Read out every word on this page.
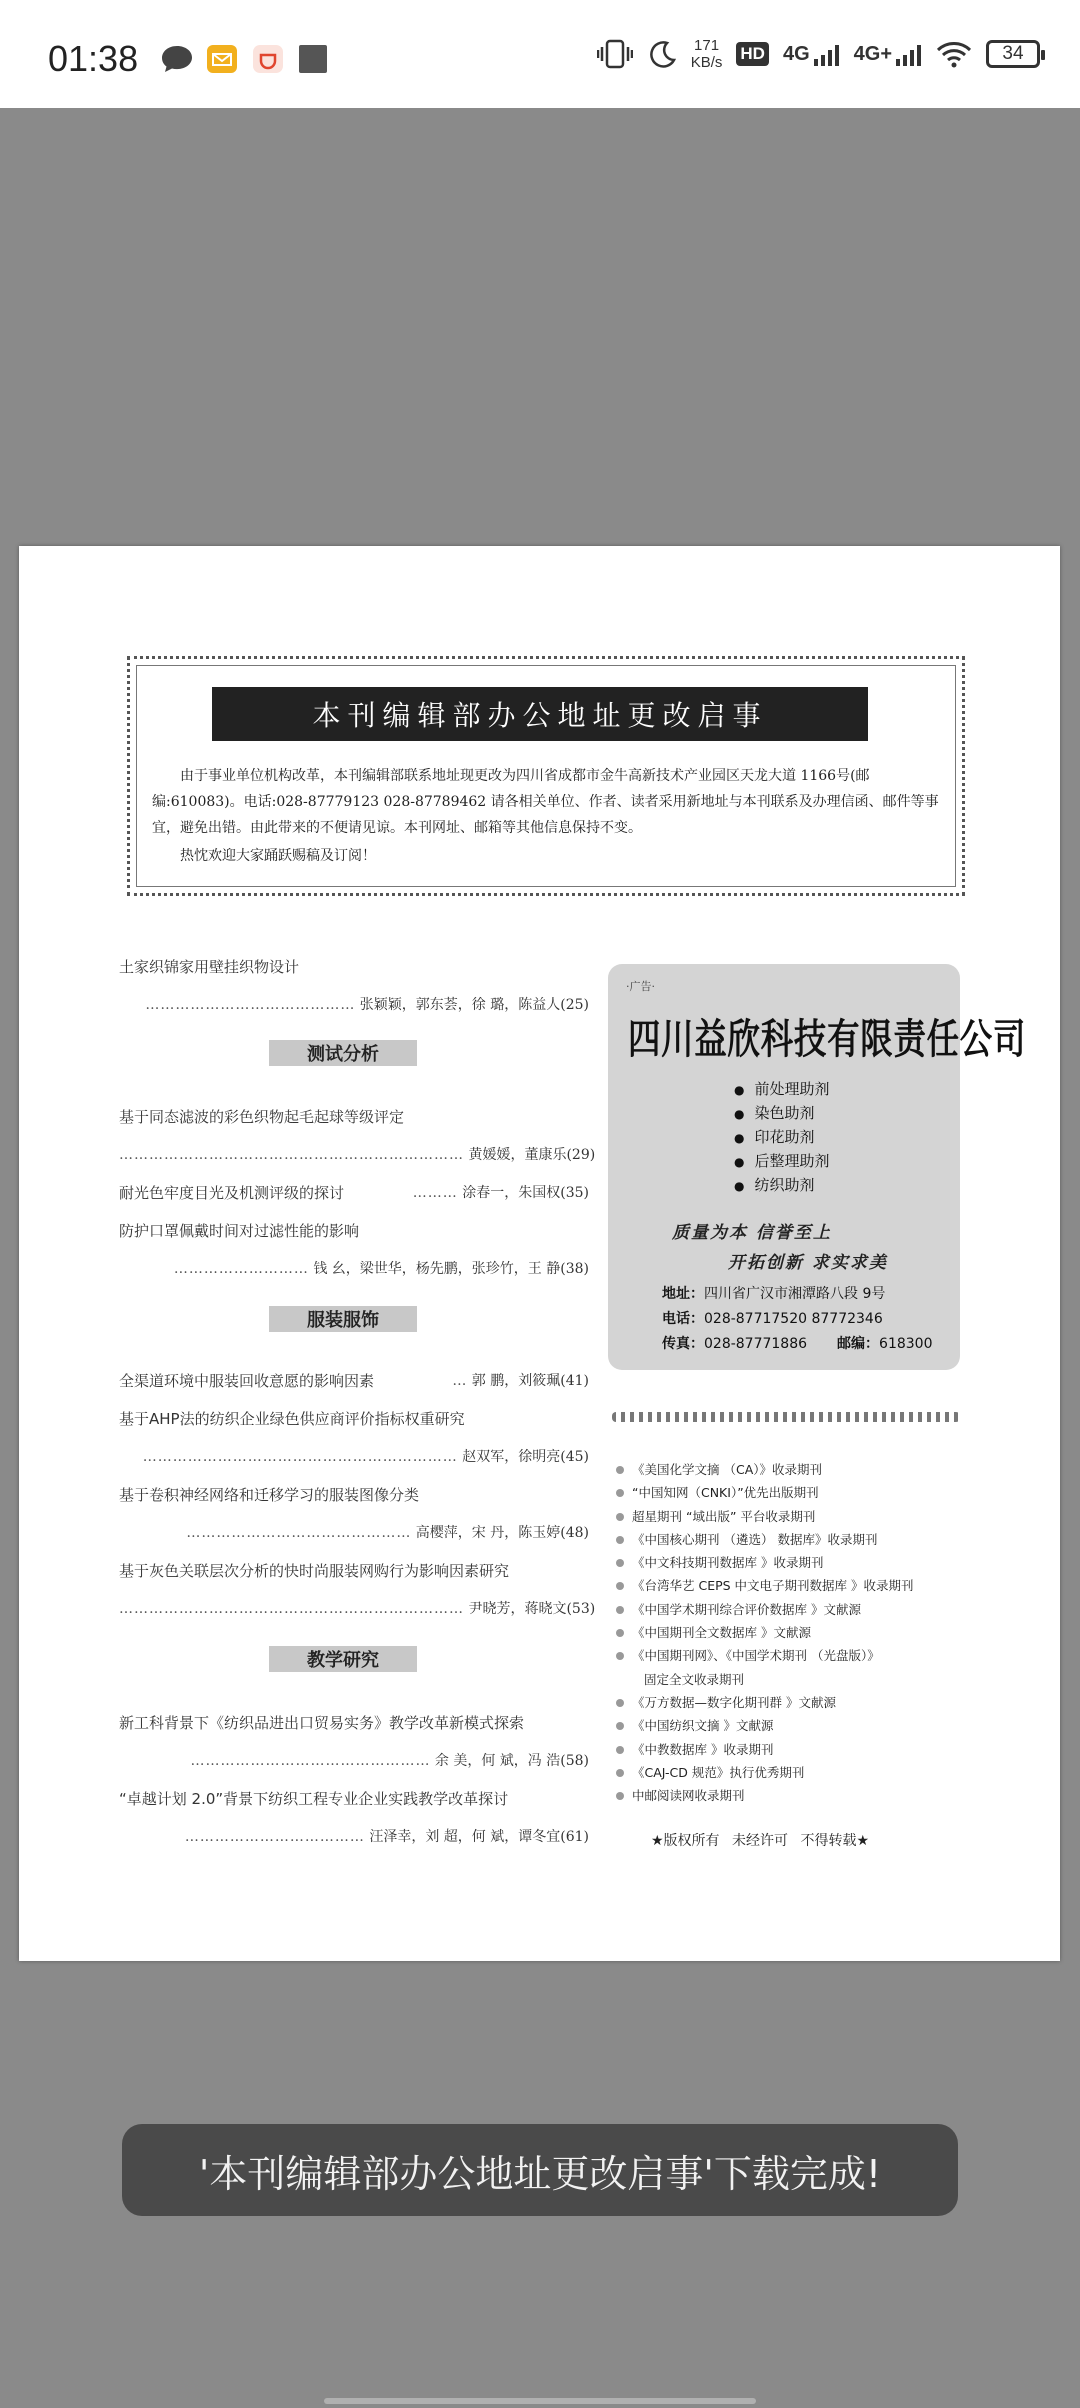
01:38	171
KB/s HD 4G 4G+	34
本刊编辑部办公地址更改启事
由于事业单位机构改革，本刊编辑部联系地址现更改为四川省成都市金牛高新技术产业园区天龙大道 1166号(邮编:610083)。电话:028-87779123 028-87789462 请各相关单位、作者、读者采用新地址与本刊联系及办理信函、邮件等事宜，避免出错。由此带来的不便请见谅。本刊网址、邮箱等其他信息保持不变。
热忱欢迎大家踊跃赐稿及订阅！
土家织锦家用壁挂织物设计
…………………………………… 张颖颖，郭东荟，徐 璐，陈益人(25)
测试分析
基于同态滤波的彩色织物起毛起球等级评定
…………………………………………………………… 黄媛媛，董康乐(29)
耐光色牢度目光及机测评级的探讨	……… 涂春一，朱国权(35)
防护口罩佩戴时间对过滤性能的影响
……………………… 钱 幺，梁世华，杨先鹏，张珍竹，王 静(38)
服装服饰
全渠道环境中服装回收意愿的影响因素	… 郭 鹏，刘筱珮(41)
基于AHP法的纺织企业绿色供应商评价指标权重研究
……………………………………………………… 赵双军，徐明亮(45)
基于卷积神经网络和迁移学习的服装图像分类
……………………………………… 高樱萍，宋 丹，陈玉婷(48)
基于灰色关联层次分析的快时尚服装网购行为影响因素研究
…………………………………………………………… 尹晓芳，蒋晓文(53)
教学研究
新工科背景下《纺织品进出口贸易实务》教学改革新模式探索
………………………………………… 余 美，何 斌，冯 浩(58)
“卓越计划 2.0”背景下纺织工程专业企业实践教学改革探讨
……………………………… 汪泽幸，刘 超，何 斌，谭冬宜(61)
·广告·
四川益欣科技有限责任公司
● 前处理助剂
● 染色助剂
● 印花助剂
● 后整理助剂
● 纺织助剂
质量为本 信誉至上
开拓创新 求实求美
地址：四川省广汉市湘潭路八段 9号
电话：028-87717520 87772346
传真：028-87771886 邮编：618300
《美国化学文摘 （CA）》收录期刊
“中国知网（CNKI）”优先出版期刊
超星期刊 “域出版” 平台收录期刊
《中国核心期刊 （遴选） 数据库》收录期刊
《中文科技期刊数据库 》收录期刊
《台湾华艺 CEPS 中文电子期刊数据库 》收录期刊
《中国学术期刊综合评价数据库 》文献源
《中国期刊全文数据库 》文献源
《中国期刊网》、《中国学术期刊 （光盘版）》
固定全文收录期刊
《万方数据—数字化期刊群 》文献源
《中国纺织文摘 》文献源
《中教数据库 》收录期刊
《CAJ-CD 规范》执行优秀期刊
中邮阅读网收录期刊
★版权所有 未经许可 不得转载★
'本刊编辑部办公地址更改启事'下载完成!
